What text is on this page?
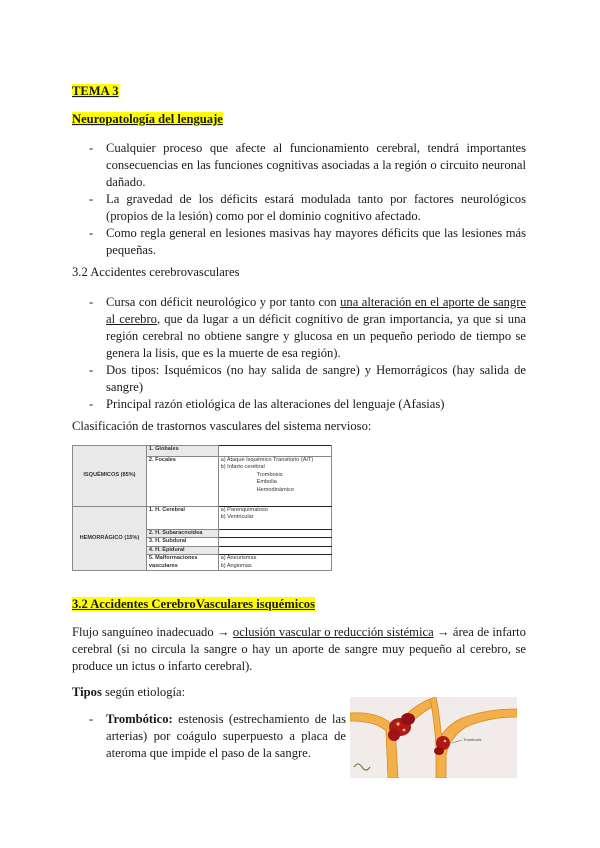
TEMA 3
Neuropatología del lenguaje
- Cualquier proceso que afecte al funcionamiento cerebral, tendrá importantes consecuencias en las funciones cognitivas asociadas a la región o circuito neuronal dañado.
- La gravedad de los déficits estará modulada tanto por factores neurológicos (propios de la lesión) como por el dominio cognitivo afectado.
- Como regla general en lesiones masivas hay mayores déficits que las lesiones más pequeñas.
3.2 Accidentes cerebrovasculares
- Cursa con déficit neurológico y por tanto con una alteración en el aporte de sangre al cerebro, que da lugar a un déficit cognitivo de gran importancia, ya que si una región cerebral no obtiene sangre y glucosa en un pequeño periodo de tiempo se genera la lisis, que es la muerte de esa región).
- Dos tipos: Isquémicos (no hay salida de sangre) y Hemorrágicos (hay salida de sangre)
- Principal razón etiológica de las alteraciones del lenguaje (Afasias)
Clasificación de trastornos vasculares del sistema nervioso:
ISQUÉMICOS (85%)	1. Globales	
	2. Focales	a) Ataque Isquémico Transitorio (AIT)
b) Infarto cerebral

Trombosis
Embolia
Hemodinámico

HEMORRÁGICO (15%)	1. H. Cerebral	a) Parenquimatoso
b) Ventricular
	2. H. Subaracnoidea	
	3. H. Subdural	
	4. H. Epidural	
	5. Malformaciones vasculares	a) Aneurismas
b) Angiomas
3.2 Accidentes CerebroVasculares isquémicos
Flujo sanguíneo inadecuado → oclusión vascular o reducción sistémica → área de infarto cerebral (si no circula la sangre o hay un aporte de sangre muy pequeño al cerebro, se produce un ictus o infarto cerebral).
Tipos según etiología:
- Trombótico: estenosis (estrechamiento de las arterias) por coágulo superpuesto a placa de ateroma que impide el paso de la sangre.
Trombosis
